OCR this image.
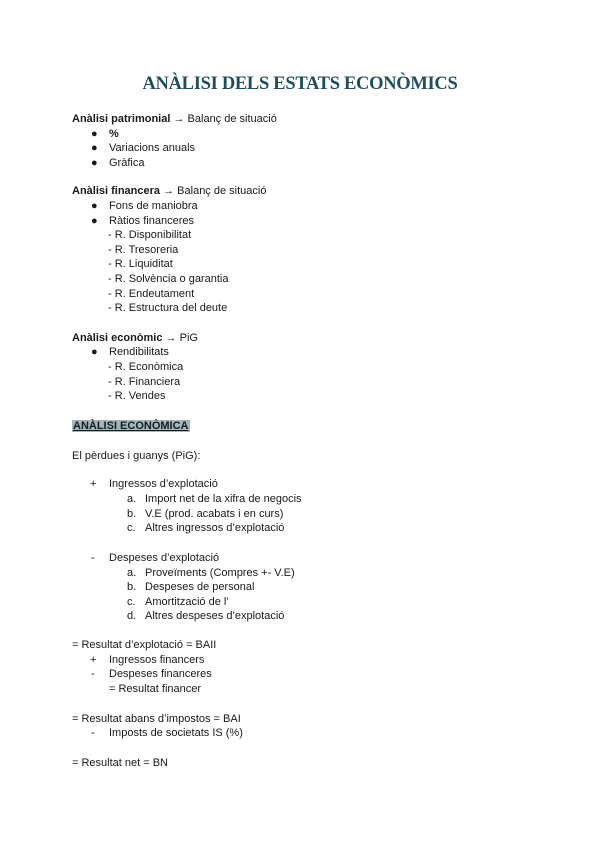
ANÀLISI DELS ESTATS ECONÒMICS
Anàlisi patrimonial → Balanç de situació
● %
● Variacions anuals
● Gràfica
Anàlisi financera → Balanç de situació
● Fons de maniobra
● Ràtios financeres
- R. Disponibilitat
- R. Tresoreria
- R. Liquiditat
- R. Solvència o garantia
- R. Endeutament
- R. Estructura del deute
Anàlisi econòmic → PiG
● Rendibilitats
- R. Econòmica
- R. Financiera
- R. Vendes
ANÀLISI ECONÒMICA
El pèrdues i guanys (PiG):
+ Ingressos d’explotació
a. Import net de la xifra de negocis
b. V.E (prod. acabats i en curs)
c. Altres ingressos d’explotació
- Despeses d’explotació
a. Proveïments (Compres +- V.E)
b. Despeses de personal
c. Amortització de l’
d. Altres despeses d’explotació
= Resultat d’explotació = BAII
+ Ingressos financers
- Despeses financeres
= Resultat financer
= Resultat abans d’impostos = BAI
- Imposts de societats IS (%)
= Resultat net = BN
